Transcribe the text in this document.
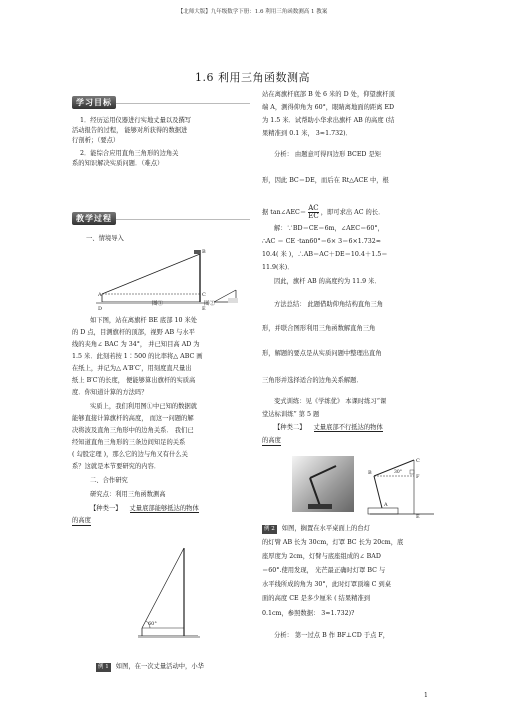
【北师大版】九年级数学下册：1.6 利用三角函数测高 1 教案
1.6 利用三角函数测高
学习目标
1．经历运用仪器进行实地丈量以及撰写
活动报告的过程， 能够对所获得的数据进
行剖析；（要点）
2．能综合应用直角三角形的边角关
系的知识解决实质问题．（难点）
教学过程
一、情境导入
A
D
C
E
B
图①	图②
如下图，站在离旗杆 BE 底部 10 米处
的 D 点，目测旗杆的顶部，视野 AB 与水平
线的夹角∠ BAC 为 34°， 并已知目高 AD 为
1.5 米．此刻若按 1∶500 的比率将△ ABC 画
在纸上，并记为△ A′B′C′，用刻度直尺量出
纸上 B′C′的长度， 便能够算出旗杆的实质高
度．你知道计算的方法吗？
实质上，我们利用图①中已知的数据就
能够直接计算旗杆的高度， 而这一问题的解
决将波及直角三角形中的边角关系． 我们已
经知道直角三角形的三条边间知足的关系
( 勾股定理 )，那么它的边与角又有什么关
系？这就是本节要研究的内容．
二、合作研究
研究点：利用三角函数测高
【种类一】 丈量底部能够抵达的物体
的高度
60°
例 1 如图，在一次丈量活动中，小华
站在离旗杆底部 B 处 6 米的 D 处，仰望旗杆顶
端 A，测得仰角为 60°，眼睛离地面的距离 ED
为 1.5 米．试帮助小华求出旗杆 AB 的高度 (结
果精准到 0.1 米， 3≈1.732)．
分析： 由题意可得四边形 BCED 是矩
形，因此 BC＝DE，而后在 Rt△ACE 中，根
据 tan∠AEC＝ $\frac{AC}{EC}$ ，即可求出 AC 的长．
解：∵BD＝CE＝6m，∠AEC＝60°，
∴AC ＝ CE ·tan60°＝6× 3＝6×1.732≈
10.4( 米 )，∴AB＝AC＋DE＝10.4＋1.5＝
11.9(米)．
因此，旗杆 AB 的高度约为 11.9 米．
方法总结： 此题借助仰角结构直角三角
形，并联合图形利用三角函数解直角三角
形，解题的要点是从实质问题中整理出直角
三角形并选择适合的边角关系解题．
变式训练：见《学练优》 本课时练习“课
堂达标训练” 第 5 题
【种类二】 丈量底部不行抵达的物体
的高度
B
C
F
E
A
30°
例 2 如图，搁置在水平桌面上的台灯
的灯臂 AB 长为 30cm，灯罩 BC 长为 20cm，底
座厚度为 2cm，灯臂与底座组成的∠ BAD
＝60°.使用发现， 光芒最正确时灯罩 BC 与
水平线所成的角为 30°，此时灯罩顶端 C 到桌
面的高度 CE 是多少厘米 ( 结果精准到
0.1cm，参照数据： 3≈1.732)?
分析： 第一过点 B 作 BF⊥CD 于点 F，
1
